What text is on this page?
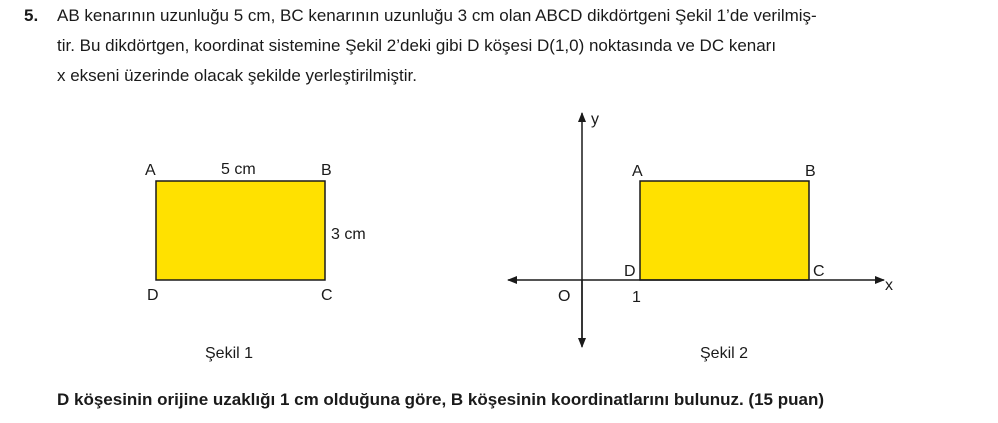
5. AB kenarının uzunluğu 5 cm, BC kenarının uzunluğu 3 cm olan ABCD dikdörtgeni Şekil 1’de verilmiş-
tir. Bu dikdörtgen, koordinat sistemine Şekil 2’deki gibi D köşesi D(1,0) noktasında ve DC kenarı
x ekseni üzerinde olacak şekilde yerleştirilmiştir.
A	B
C
D
5 cm
3 cm
Şekil 1
y
x
O	1
A	B
C
D
Şekil 2
D köşesinin orijine uzaklığı 1 cm olduğuna göre, B köşesinin koordinatlarını bulunuz. (15 puan)
